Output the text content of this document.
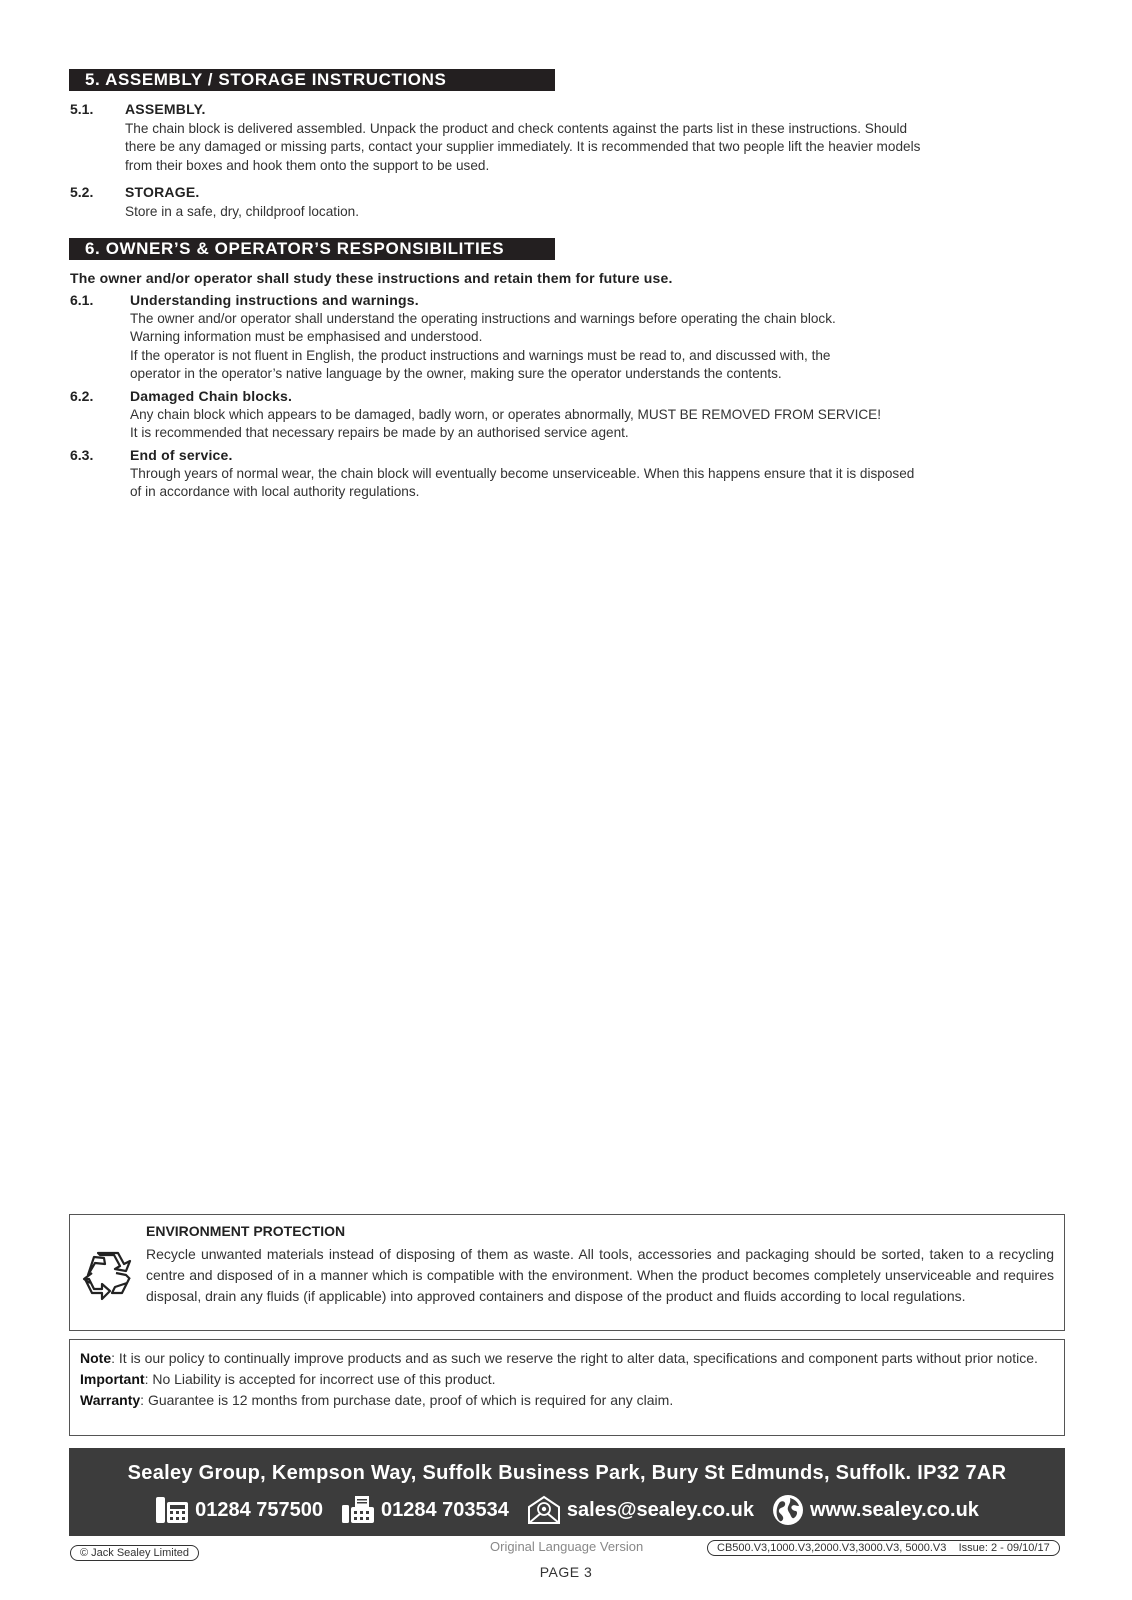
5. ASSEMBLY / STORAGE INSTRUCTIONS
5.1. ASSEMBLY.
The chain block is delivered assembled. Unpack the product and check contents against the parts list in these instructions. Should
there be any damaged or missing parts, contact your supplier immediately. It is recommended that two people lift the heavier models
from their boxes and hook them onto the support to be used.
5.2. STORAGE.
Store in a safe, dry, childproof location.
6. OWNER’S & OPERATOR’S RESPONSIBILITIES
The owner and/or operator shall study these instructions and retain them for future use.
6.1.	Understanding instructions and warnings.
The owner and/or operator shall understand the operating instructions and warnings before operating the chain block.
Warning information must be emphasised and understood.
If the operator is not fluent in English, the product instructions and warnings must be read to, and discussed with, the
operator in the operator’s native language by the owner, making sure the operator understands the contents.
6.2.	Damaged Chain blocks.
Any chain block which appears to be damaged, badly worn, or operates abnormally, MUST BE REMOVED FROM SERVICE!
It is recommended that necessary repairs be made by an authorised service agent.
6.3.	End of service.
Through years of normal wear, the chain block will eventually become unserviceable. When this happens ensure that it is disposed
of in accordance with local authority regulations.
ENVIRONMENT PROTECTION
Recycle unwanted materials instead of disposing of them as waste. All tools, accessories and packaging should be sorted, taken to a recycling centre and disposed of in a manner which is compatible with the environment. When the product becomes completely unserviceable and requires disposal, drain any fluids (if applicable) into approved containers and dispose of the product and fluids according to local regulations.
Note: It is our policy to continually improve products and as such we reserve the right to alter data, specifications and component parts without prior notice.
Important: No Liability is accepted for incorrect use of this product.
Warranty: Guarantee is 12 months from purchase date, proof of which is required for any claim.
Sealey Group, Kempson Way, Suffolk Business Park, Bury St Edmunds, Suffolk. IP32 7AR
01284 757500	01284 703534	sales@sealey.co.uk	www.sealey.co.uk
© Jack Sealey Limited	Original Language Version	CB500.V3,1000.V3,2000.V3,3000.V3, 5000.V3 Issue: 2 - 09/10/17
PAGE 3
